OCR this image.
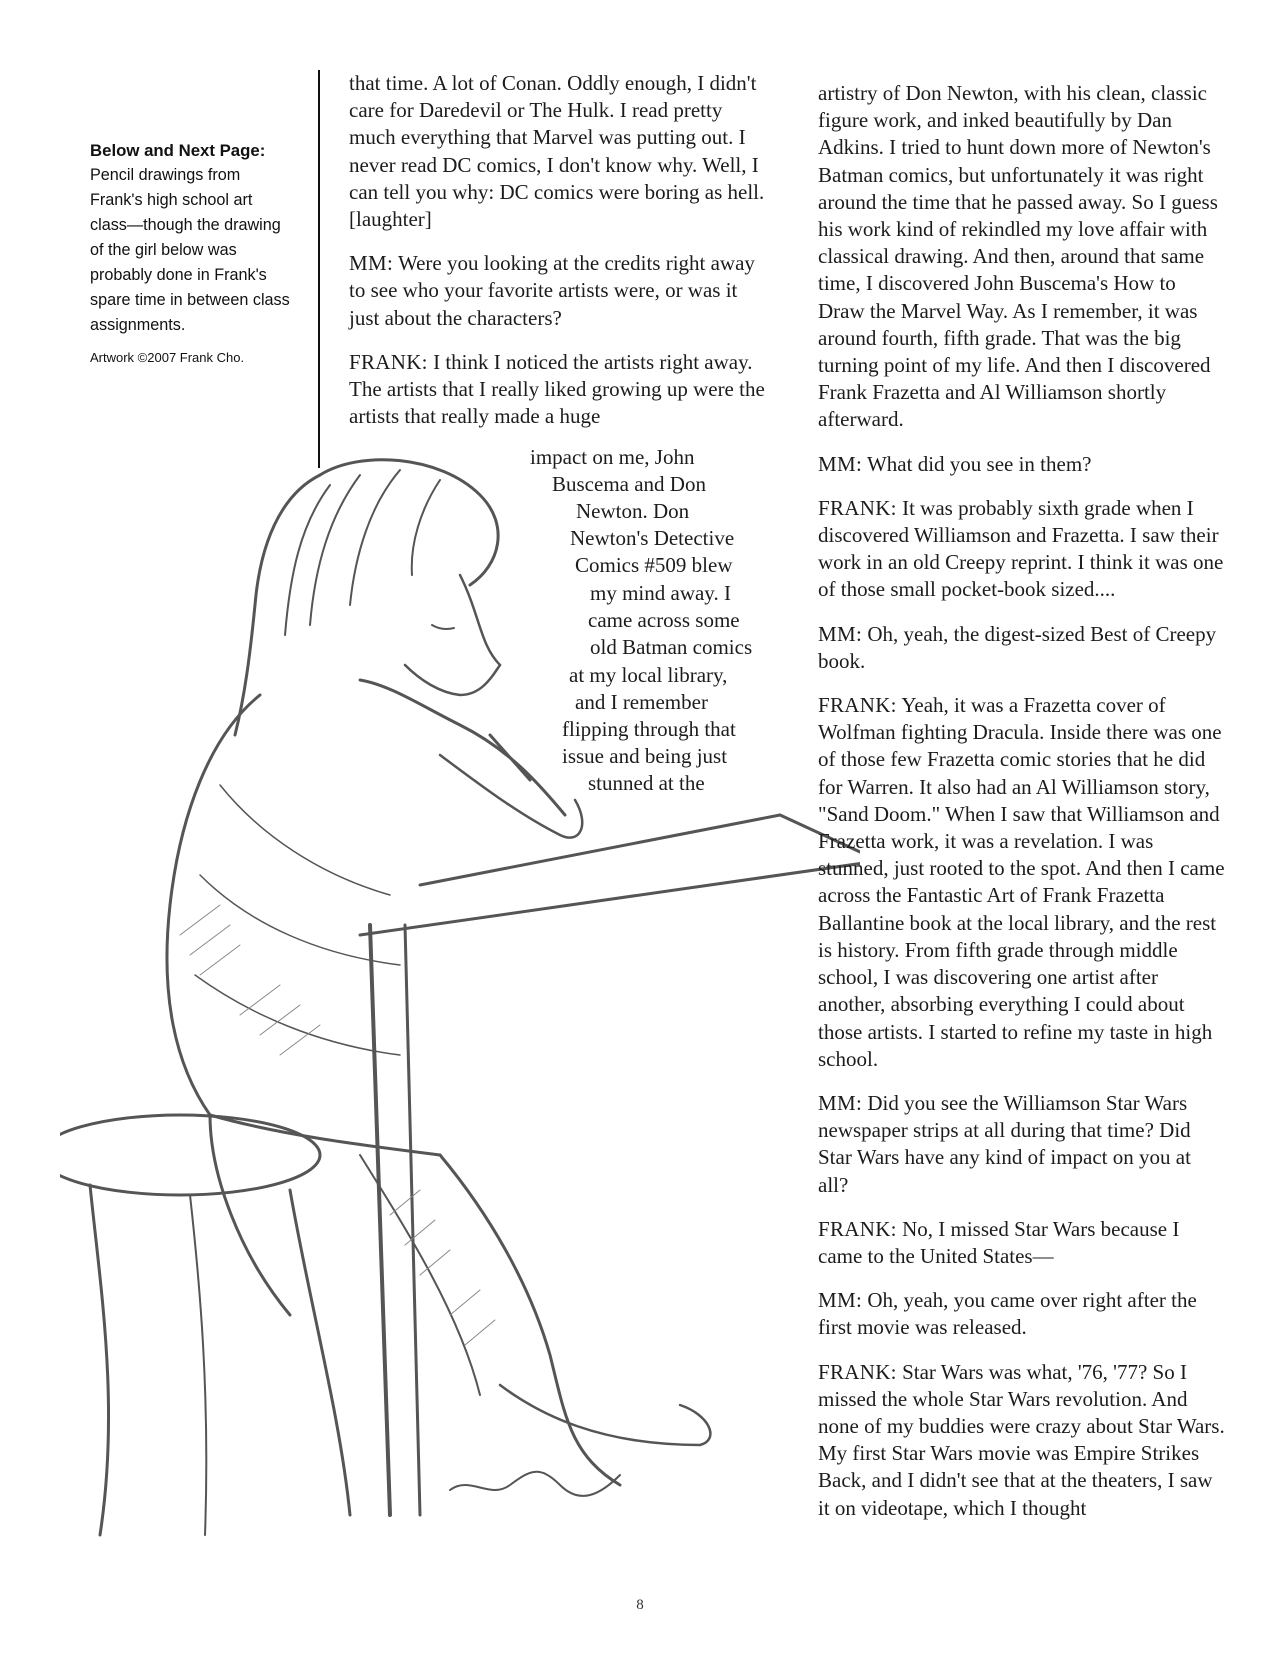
Below and Next Page:
Pencil drawings from Frank's high school art class—though the drawing of the girl below was probably done in Frank's spare time in between class assignments.
Artwork ©2007 Frank Cho.

that time. A lot of Conan. Oddly enough, I didn't care for Daredevil or The Hulk. I read pretty much everything that Marvel was putting out. I never read DC comics, I don't know why. Well, I can tell you why: DC comics were boring as hell. [laughter]

MM: Were you looking at the credits right away to see who your favorite artists were, or was it just about the characters?

FRANK: I think I noticed the artists right away. The artists that I really liked growing up were the artists that really made a huge

impact on me, John
Buscema and Don
Newton. Don
Newton's Detective
Comics #509 blew
my mind away. I
came across some
old Batman comics
at my local library,
and I remember
flipping through that
issue and being just
stunned at the

artistry of Don Newton, with his clean, classic figure work, and inked beautifully by Dan Adkins. I tried to hunt down more of Newton's Batman comics, but unfortunately it was right around the time that he passed away. So I guess his work kind of rekindled my love affair with classical drawing. And then, around that same time, I discovered John Buscema's How to Draw the Marvel Way. As I remember, it was around fourth, fifth grade. That was the big turning point of my life. And then I discovered Frank Frazetta and Al Williamson shortly afterward.

MM: What did you see in them?

FRANK: It was probably sixth grade when I discovered Williamson and Frazetta. I saw their work in an old Creepy reprint. I think it was one of those small pocket-book sized....

MM: Oh, yeah, the digest-sized Best of Creepy book.

FRANK: Yeah, it was a Frazetta cover of Wolfman fighting Dracula. Inside there was one of those few Frazetta comic stories that he did for Warren. It also had an Al Williamson story, "Sand Doom." When I saw that Williamson and Frazetta work, it was a revelation. I was stunned, just rooted to the spot. And then I came across the Fantastic Art of Frank Frazetta Ballantine book at the local library, and the rest is history. From fifth grade through middle school, I was discovering one artist after another, absorbing everything I could about those artists. I started to refine my taste in high school.

MM: Did you see the Williamson Star Wars newspaper strips at all during that time? Did Star Wars have any kind of impact on you at all?

FRANK: No, I missed Star Wars because I came to the United States—

MM: Oh, yeah, you came over right after the first movie was released.

FRANK: Star Wars was what, '76, '77? So I missed the whole Star Wars revolution. And none of my buddies were crazy about Star Wars. My first Star Wars movie was Empire Strikes Back, and I didn't see that at the theaters, I saw it on videotape, which I thought

8
